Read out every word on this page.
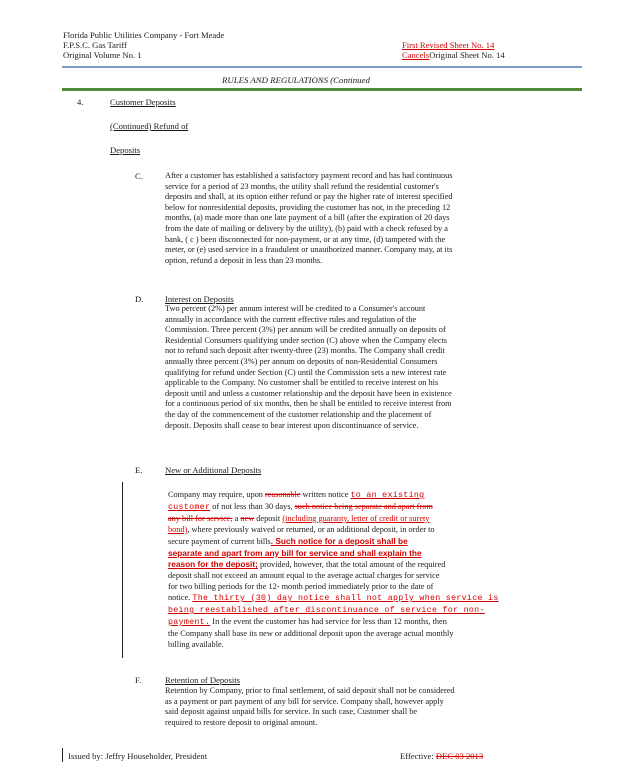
Florida Public Utilities Company - Fort Meade
F.P.S.C. Gas Tariff
Original Volume No. 1
First Revised Sheet No. 14
CancelsOriginal Sheet No. 14
RULES AND REGULATIONS (Continued
4.	Customer Deposits
(Continued) Refund of
Deposits
C.	After a customer has established a satisfactory payment record and has had continuous
service for a period of 23 months, the utility shall refund the residential customer's
deposits and shall, at its option either refund or pay the higher rate of interest specified
below for nonresidential deposits, providing the customer has not, in the preceding 12
months, (a) made more than one late payment of a bill (after the expiration of 20 days
from the date of mailing or delivery by the utility), (b) paid with a check refused by a
bank, ( c ) been disconnected for non-payment, or at any time, (d) tampered with the
meter, or (e) used service in a fraudulent or unauthorized manner. Company may, at its
option, refund a deposit in less than 23 months.
D.	Interest on Deposits
Two percent (2%) per annum interest will be credited to a Consumer's account
annually in accordance with the current effective rules and regulation of the
Commission. Three percent (3%) per annum will be credited annually on deposits of
Residential Consumers qualifying under section (C) above when the Company elects
not to refund such deposit after twenty-three (23) months. The Company shall credit
annually three percent (3%) per annum on deposits of non-Residential Consumers
qualifying for refund under Section (C) until the Commission sets a new interest rate
applicable to the Company. No customer shall be entitled to receive interest on his
deposit until and unless a customer relationship and the deposit have been in existence
for a continuous period of six months, then he shall be entitled to receive interest from
the day of the commencement of the customer relationship and the placement of
deposit. Deposits shall cease to bear interest upon discontinuance of service.
E.	New or Additional Deposits
Company may require, upon reasonable written notice to an existing
customer of not less than 30 days, such notice being separate and apart from
any bill for service, a new deposit (including guaranty, letter of credit or surety
bond), where previously waived or returned, or an additional deposit, in order to
secure payment of current bills. Such notice for a deposit shall be
separate and apart from any bill for service and shall explain the
reason for the deposit; provided, however, that the total amount of the required
deposit shall not exceed an amount equal to the average actual charges for service
for two billing periods for the 12- month period immediately prior to the date of
notice. The thirty (30) day notice shall not apply when service is
being reestablished after discontinuance of service for non-
payment. In the event the customer has had service for less than 12 months, then
the Company shall base its new or additional deposit upon the average actual monthly
billing available.
F.	Retention of Deposits
Retention by Company, prior to final settlement, of said deposit shall not be considered
as a payment or part payment of any bill for service. Company shall, however apply
said deposit against unpaid bills for service. In such case, Customer shall be
required to restore deposit to original amount.
Issued by: Jeffry Householder, President	Effective: DEC 03 2013
